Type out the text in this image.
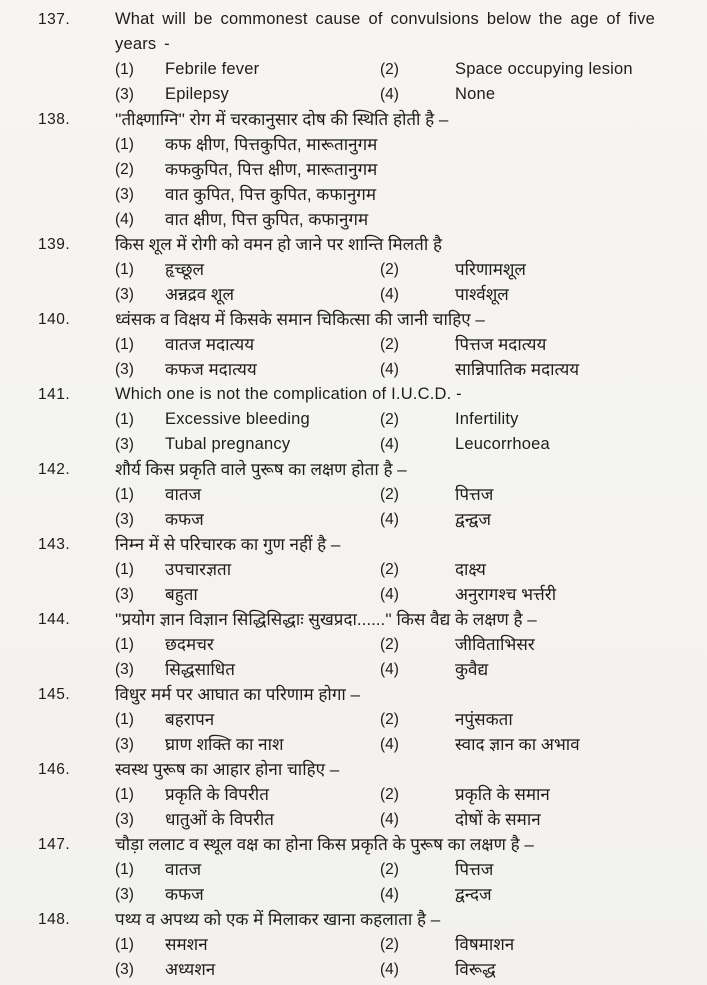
137.	What will be commonest cause of convulsions below the age of five years -
(1)	Febrile fever	(2)	Space occupying lesion
(3)	Epilepsy	(4)	None
138.	''तीक्ष्णाग्नि'' रोग में चरकानुसार दोष की स्थिति होती है –
(1)	कफ क्षीण, पित्तकुपित, मारूतानुगम
(2)	कफकुपित, पित्त क्षीण, मारूतानुगम
(3)	वात कुपित, पित्त कुपित, कफानुगम
(4)	वात क्षीण, पित्त कुपित, कफानुगम
139.	किस शूल में रोगी को वमन हो जाने पर शान्ति मिलती है
(1)	हृच्छूल	(2)	परिणामशूल
(3)	अन्नद्रव शूल	(4)	पार्श्वशूल
140.	ध्वंसक व विक्षय में किसके समान चिकित्सा की जानी चाहिए –
(1)	वातज मदात्यय	(2)	पित्तज मदात्यय
(3)	कफज मदात्यय	(4)	सान्निपातिक मदात्यय
141.	Which one is not the complication of I.U.C.D. -
(1)	Excessive bleeding	(2)	Infertility
(3)	Tubal pregnancy	(4)	Leucorrhoea
142.	शौर्य किस प्रकृति वाले पुरूष का लक्षण होता है –
(1)	वातज	(2)	पित्तज
(3)	कफज	(4)	द्वन्द्वज
143.	निम्न में से परिचारक का गुण नहीं है –
(1)	उपचारज्ञता	(2)	दाक्ष्य
(3)	बहुता	(4)	अनुरागश्च भर्त्तरी
144.	''प्रयोग ज्ञान विज्ञान सिद्धिसिद्धाः सुखप्रदा......'' किस वैद्य के लक्षण है –
(1)	छदमचर	(2)	जीविताभिसर
(3)	सिद्धसाधित	(4)	कुवैद्य
145.	विधुर मर्म पर आघात का परिणाम होगा –
(1)	बहरापन	(2)	नपुंसकता
(3)	घ्राण शक्ति का नाश	(4)	स्वाद ज्ञान का अभाव
146.	स्वस्थ पुरूष का आहार होना चाहिए –
(1)	प्रकृति के विपरीत	(2)	प्रकृति के समान
(3)	धातुओं के विपरीत	(4)	दोषों के समान
147.	चौड़ा ललाट व स्थूल वक्ष का होना किस प्रकृति के पुरूष का लक्षण है –
(1)	वातज	(2)	पित्तज
(3)	कफज	(4)	द्वन्दज
148.	पथ्य व अपथ्य को एक में मिलाकर खाना कहलाता है –
(1)	समशन	(2)	विषमाशन
(3)	अध्यशन	(4)	विरूद्ध
